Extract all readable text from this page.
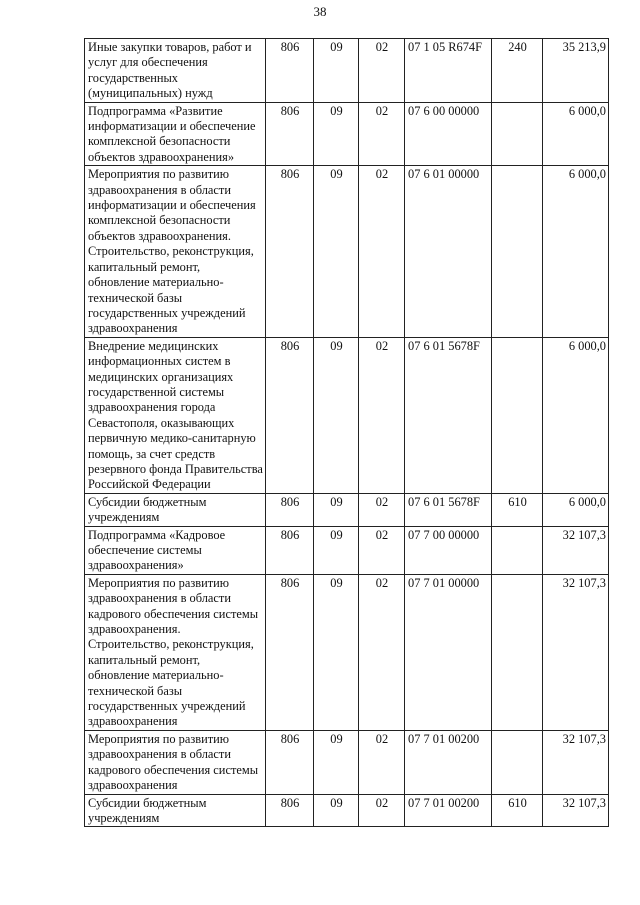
38
Иные закупки товаров, работ и услуг для обеспечения государственных (муниципальных) нужд	806	09	02	07 1 05 R674F	240	35 213,9
Подпрограмма «Развитие информатизации и обеспечение комплексной безопасности объектов здравоохранения»	806	09	02	07 6 00 00000		6 000,0
Мероприятия по развитию здравоохранения в области информатизации и обеспечения комплексной безопасности объектов здравоохранения. Строительство, реконструкция, капитальный ремонт, обновление материально-технической базы государственных учреждений здравоохранения	806	09	02	07 6 01 00000		6 000,0
Внедрение медицинских информационных систем в медицинских организациях государственной системы здравоохранения города Севастополя, оказывающих первичную медико-санитарную помощь, за счет средств резервного фонда Правительства Российской Федерации	806	09	02	07 6 01 5678F		6 000,0
Субсидии бюджетным учреждениям	806	09	02	07 6 01 5678F	610	6 000,0
Подпрограмма «Кадровое обеспечение системы здравоохранения»	806	09	02	07 7 00 00000		32 107,3
Мероприятия по развитию здравоохранения в области кадрового обеспечения системы здравоохранения. Строительство, реконструкция, капитальный ремонт, обновление материально-технической базы государственных учреждений здравоохранения	806	09	02	07 7 01 00000		32 107,3
Мероприятия по развитию здравоохранения в области кадрового обеспечения системы здравоохранения	806	09	02	07 7 01 00200		32 107,3
Субсидии бюджетным учреждениям	806	09	02	07 7 01 00200	610	32 107,3
